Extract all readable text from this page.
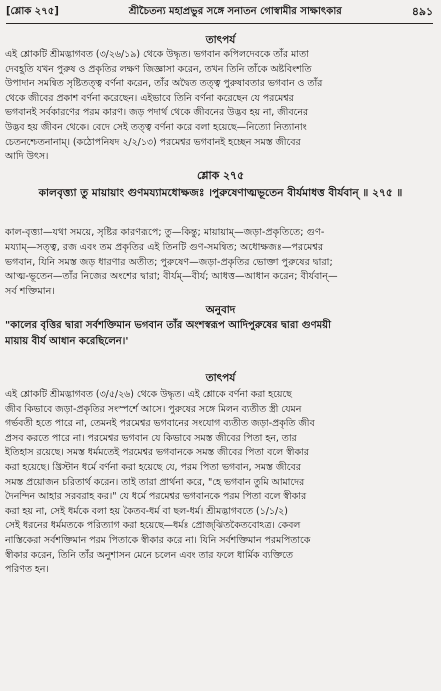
[শ্লোক ২৭৫]	শ্রীচৈতন্য মহাপ্রভুর সঙ্গে সনাতন গোস্বামীর সাক্ষাৎকার	৪৯১
তাৎপর্য
এই শ্লোকটি শ্রীমদ্ভাগবত (৩/২৬/১৯) থেকে উদ্ধৃত। ভগবান কপিলদেবকে তাঁর মাতা
দেবহূতি যখন পুরুষ ও প্রকৃতির লক্ষণ জিজ্ঞাসা করেন, তখন তিনি তাঁকে অষ্টবিংশতি
উপাদান সমন্বিত সৃষ্টিতত্ত্ব বর্ণনা করেন, তাঁর অদ্বৈত তত্ত্ব পুরুষাবতার ভগবান ও তাঁর
থেকে জীবের প্রকাশ বর্ণনা করেছেন। এইভাবে তিনি বর্ণনা করেছেন যে পরমেশ্বর
ভগবানই সর্বকারণের পরম কারণ। জড় পদার্থ থেকে জীবনের উদ্ভব হয় না, জীবনের
উদ্ভব হয় জীবন থেকে। বেদে সেই তত্ত্ব বর্ণনা করে বলা হয়েছে—নিত্যো নিত্যানাং
চেতনশ্চেতনানাম্। (কঠোপনিষদ ২/২/১৩) পরমেশ্বর ভগবানই হচ্ছেন সমস্ত জীবের
আদি উৎস।
শ্লোক ২৭৫
কালবৃত্ত্যা তু মায়ায়াং গুণময্যামধোক্ষজঃ ।পুরুষেণাত্মভূতেন বীর্যমাধত্ত বীর্যবান্ ॥ ২৭৫ ॥
কাল-বৃত্ত্যা—যথা সময়ে, সৃষ্টির কারণরূপে; তু—কিন্তু; মায়ায়াম্—জড়া-প্রকৃতিতে; গুণ-
ময্যাম্—সত্ত্ব, রজ এবং তম প্রকৃতির এই তিনটি গুণ-সমন্বিত; অধোক্ষজঃ—পরমেশ্বর
ভগবান, যিনি সমস্ত জড় ধারণার অতীত; পুরুষেণ—জড়া-প্রকৃতির ভোক্তা পুরুষের দ্বারা;
আত্ম-ভূতেন—তাঁর নিজের অংশের দ্বারা; বীর্যম্—বীর্য; আধত্ত—আধান করেন; বীর্যবান্—
সর্ব শক্তিমান।
অনুবাদ
"কালের বৃত্তির দ্বারা সর্বশক্তিমান ভগবান তাঁর অংশস্বরূপ আদিপুরুষের দ্বারা গুণময়ী
মায়ায় বীর্য আধান করেছিলেন।'
তাৎপর্য
এই শ্লোকটি শ্রীমদ্ভাগবত (৩/৫/২৬) থেকে উদ্ধৃত। এই শ্লোকে বর্ণনা করা হয়েছে
জীব কিভাবে জড়া-প্রকৃতির সংস্পর্শে আসে। পুরুষের সঙ্গে মিলন ব্যতীত স্ত্রী যেমন
গর্ভবতী হতে পারে না, তেমনই পরমেশ্বর ভগবানের সংযোগ ব্যতীত জড়া-প্রকৃতি জীব
প্রসব করতে পারে না। পরমেশ্বর ভগবান যে কিভাবে সমস্ত জীবের পিতা হন, তার
ইতিহাস রয়েছে। সমস্ত ধর্মমতেই পরমেশ্বর ভগবানকে সমস্ত জীবের পিতা বলে স্বীকার
করা হয়েছে। খ্রিস্টান ধর্মে বর্ণনা করা হয়েছে যে, পরম পিতা ভগবান, সমস্ত জীবের
সমস্ত প্রয়োজন চরিতার্থ করেন। তাই তারা প্রার্থনা করে, "হে ভগবান তুমি আমাদের
দৈনন্দিন আহার সরবরাহ কর।" যে ধর্মে পরমেশ্বর ভগবানকে পরম পিতা বলে স্বীকার
করা হয় না, সেই ধর্মকে বলা হয় কৈতব-ধর্ম বা ছল-ধর্ম। শ্রীমদ্ভাগবতে (১/১/২)
সেই ধরনের ধর্মমতকে পরিত্যাগ করা হয়েছে—ধর্মঃ প্রোজ্‌ঝিতকৈতবোঽত্র। কেবল
নাস্তিকেরা সর্বশক্তিমান পরম পিতাকে স্বীকার করে না। যিনি সর্বশক্তিমান পরমপিতাকে
স্বীকার করেন, তিনি তাঁর অনুশাসন মেনে চলেন এবং তার ফলে ধার্মিক ব্যক্তিতে
পরিণত হন।
